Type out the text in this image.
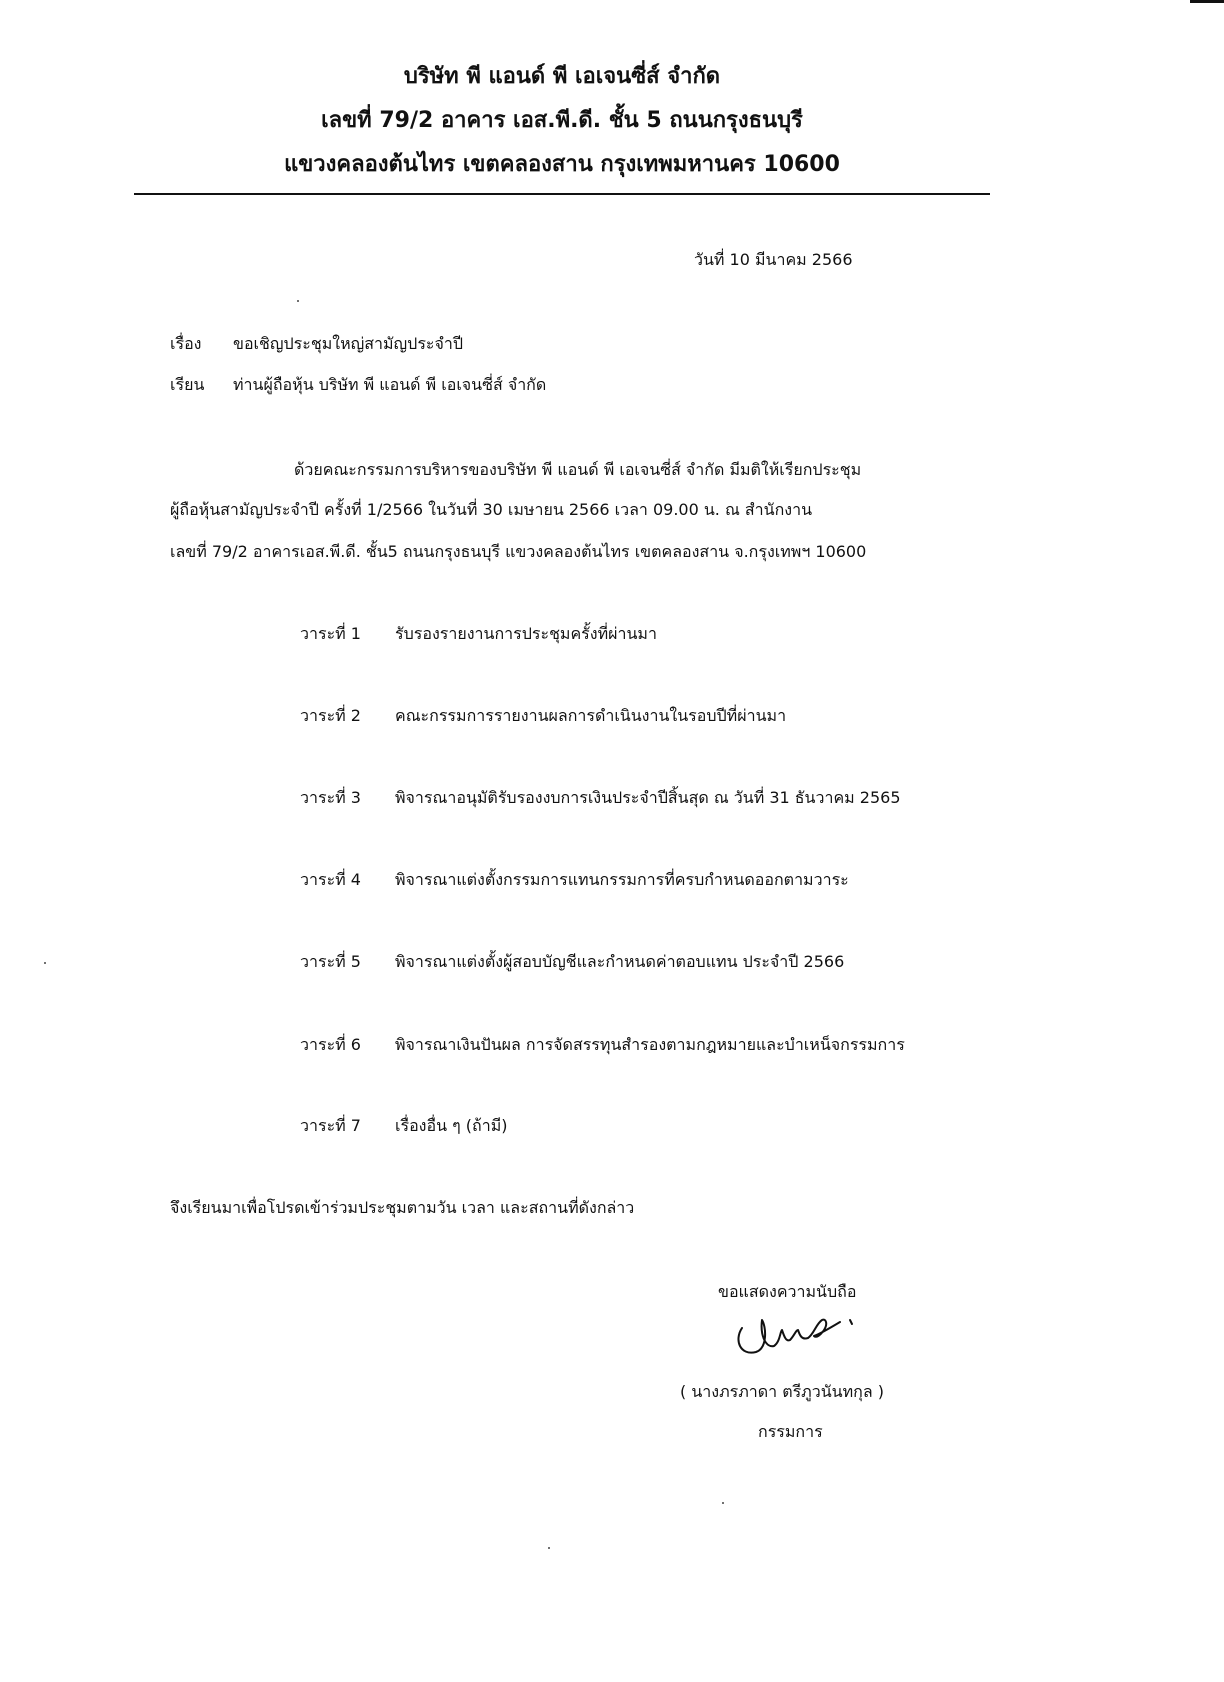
บริษัท พี แอนด์ พี เอเจนซี่ส์ จำกัด
เลขที่ 79/2 อาคาร เอส.พี.ดี. ชั้น 5 ถนนกรุงธนบุรี
แขวงคลองต้นไทร เขตคลองสาน กรุงเทพมหานคร 10600
วันที่ 10 มีนาคม 2566
เรื่อง ขอเชิญประชุมใหญ่สามัญประจำปี
เรียน ท่านผู้ถือหุ้น บริษัท พี แอนด์ พี เอเจนซี่ส์ จำกัด
ด้วยคณะกรรมการบริหารของบริษัท พี แอนด์ พี เอเจนซี่ส์ จำกัด มีมติให้เรียกประชุม
ผู้ถือหุ้นสามัญประจำปี ครั้งที่ 1/2566 ในวันที่ 30 เมษายน 2566 เวลา 09.00 น. ณ สำนักงาน
เลขที่ 79/2 อาคารเอส.พี.ดี. ชั้น5 ถนนกรุงธนบุรี แขวงคลองต้นไทร เขตคลองสาน จ.กรุงเทพฯ 10600
วาระที่ 1 รับรองรายงานการประชุมครั้งที่ผ่านมา
วาระที่ 2 คณะกรรมการรายงานผลการดำเนินงานในรอบปีที่ผ่านมา
วาระที่ 3 พิจารณาอนุมัติรับรองงบการเงินประจำปีสิ้นสุด ณ วันที่ 31 ธันวาคม 2565
วาระที่ 4 พิจารณาแต่งตั้งกรรมการแทนกรรมการที่ครบกำหนดออกตามวาระ
วาระที่ 5 พิจารณาแต่งตั้งผู้สอบบัญชีและกำหนดค่าตอบแทน ประจำปี 2566
วาระที่ 6 พิจารณาเงินปันผล การจัดสรรทุนสำรองตามกฎหมายและบำเหน็จกรรมการ
วาระที่ 7 เรื่องอื่น ๆ (ถ้ามี)
จึงเรียนมาเพื่อโปรดเข้าร่วมประชุมตามวัน เวลา และสถานที่ดังกล่าว
ขอแสดงความนับถือ
( นางภรภาดา ตรีภูวนันทกุล )
กรรมการ
